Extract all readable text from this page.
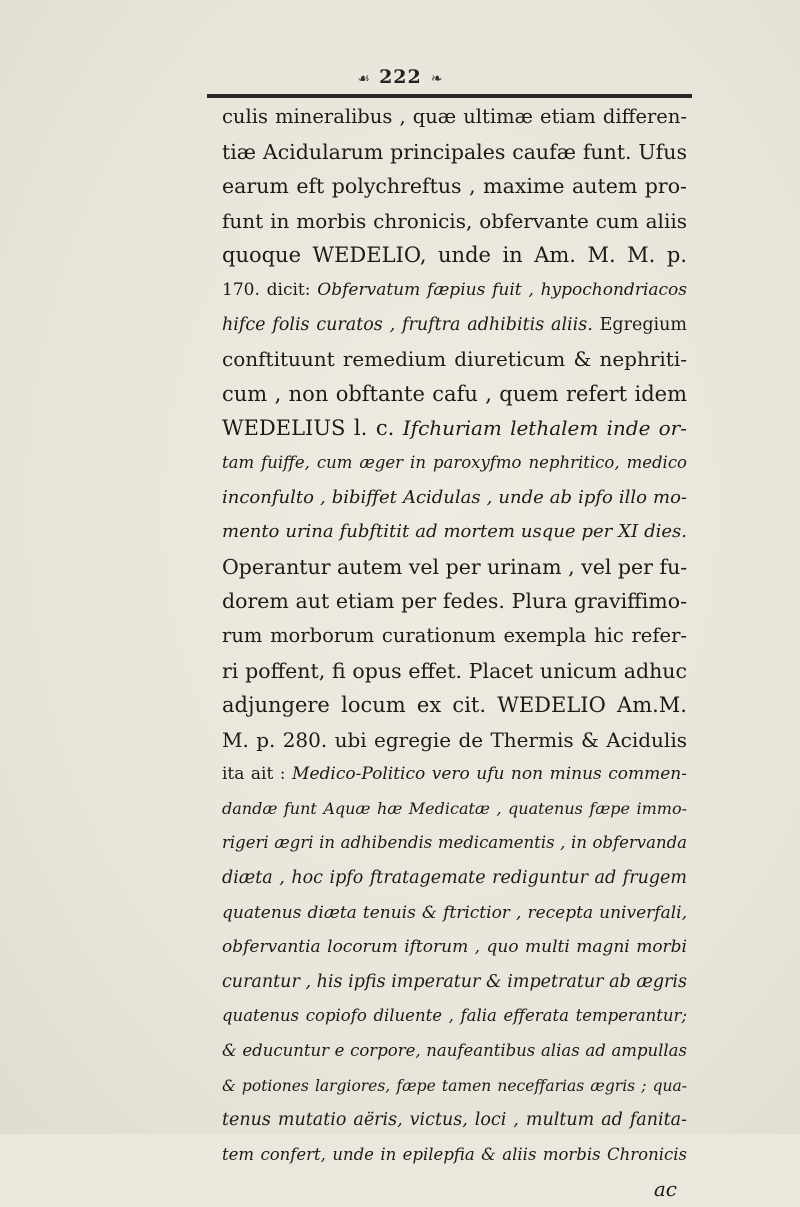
☙ 222 ❧
culis mineralibus , quæ ultimæ etiam differen-
tiæ Acidularum principales caufæ funt. Ufus
earum eft polychreftus , maxime autem pro-
funt in morbis chronicis, obfervante cum aliis
quoque WEDELIO, unde in Am. M. M. p.
170. dicit: Obfervatum fæpius fuit , hypochondriacos
hifce folis curatos , fruftra adhibitis aliis. Egregium
conftituunt remedium diureticum & nephriti-
cum , non obftante cafu , quem refert idem
WEDELIUS l. c. Ifchuriam lethalem inde or-
tam fuiffe, cum æger in paroxyfmo nephritico, medico
inconfulto , bibiffet Acidulas , unde ab ipfo illo mo-
mento urina fubftitit ad mortem usque per XI dies.
Operantur autem vel per urinam , vel per fu-
dorem aut etiam per fedes. Plura graviffimo-
rum morborum curationum exempla hic refer-
ri poffent, fi opus effet. Placet unicum adhuc
adjungere locum ex cit. WEDELIO Am.M.
M. p. 280. ubi egregie de Thermis & Acidulis
ita ait : Medico-Politico vero ufu non minus commen-
dandæ funt Aquæ hæ Medicatæ , quatenus fæpe immo-
rigeri ægri in adhibendis medicamentis , in obfervanda
diæta , hoc ipfo ftratagemate rediguntur ad frugem
quatenus diæta tenuis & ftrictior , recepta univerfali,
obfervantia locorum iftorum , quo multi magni morbi
curantur , his ipfis imperatur & impetratur ab ægris
quatenus copiofo diluente , falia efferata temperantur;
& educuntur e corpore, naufeantibus alias ad ampullas
& potiones largiores, fæpe tamen neceffarias ægris ; qua-
tenus mutatio aëris, victus, loci , multum ad fanita-
tem confert, unde in epilepfia & aliis morbis Chronicis
ac
